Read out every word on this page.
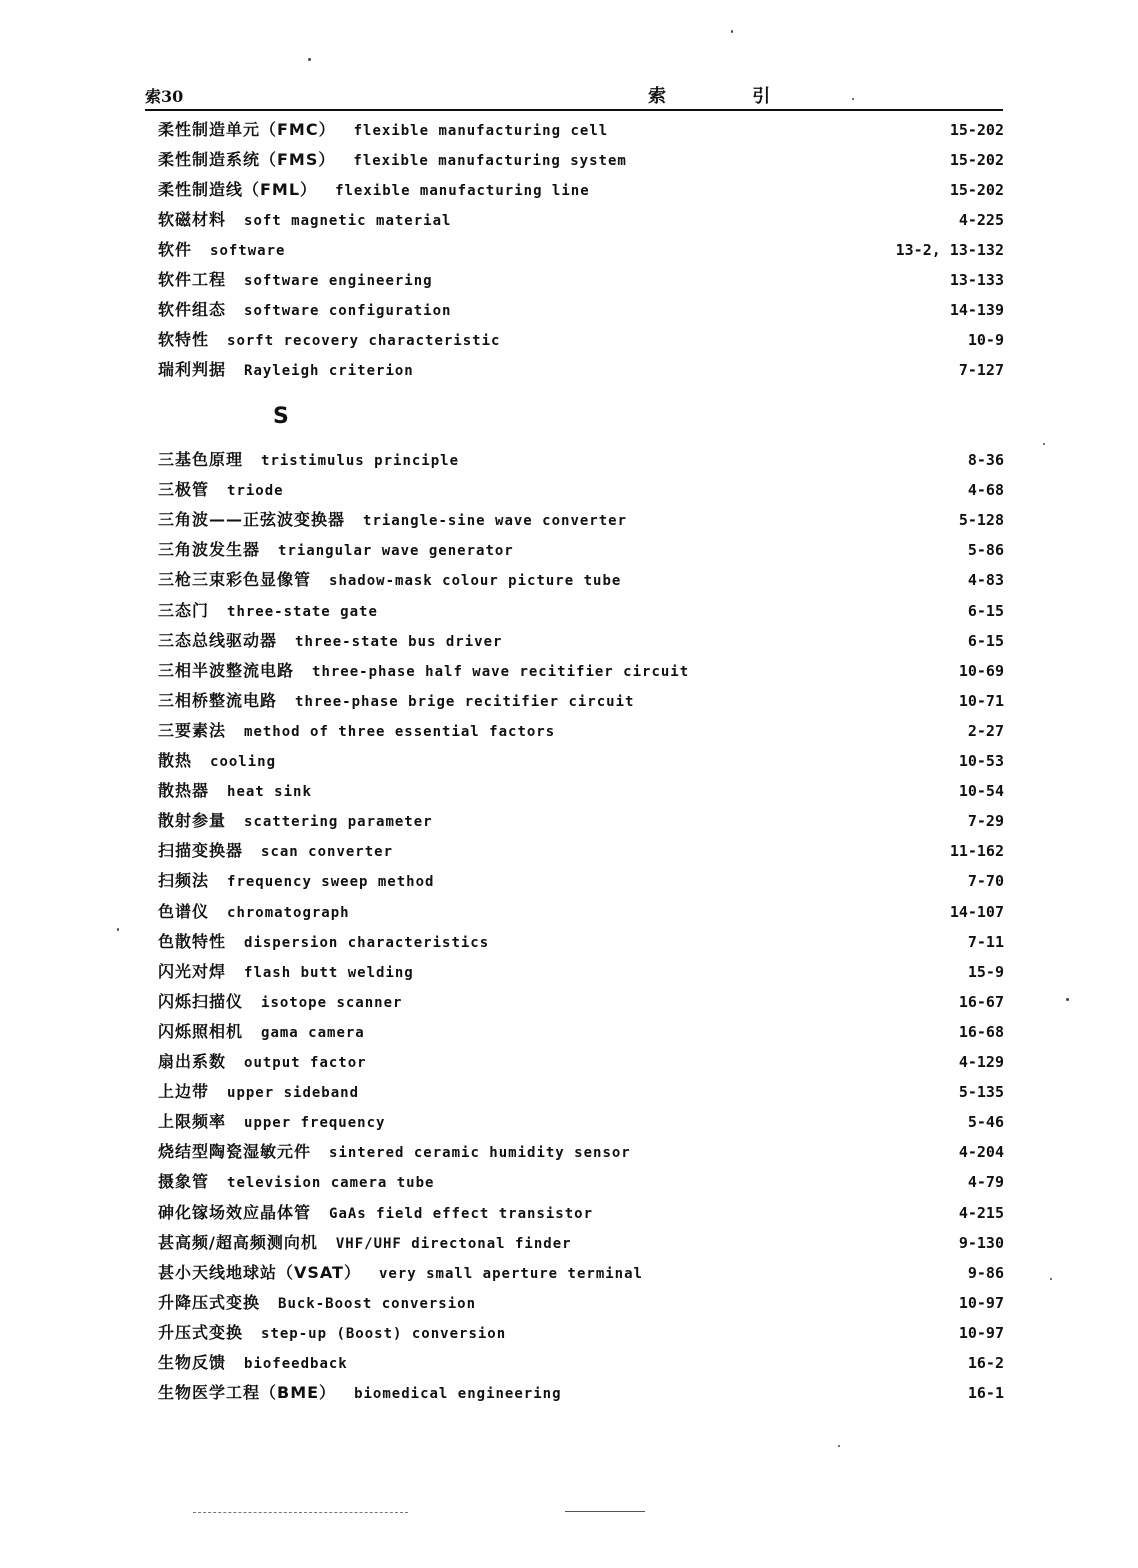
索30	索 引
S
柔性制造单元（FMC） flexible manufacturing cell	15-202
柔性制造系统（FMS） flexible manufacturing system	15-202
柔性制造线（FML） flexible manufacturing line	15-202
软磁材料 soft magnetic material	4-225
软件 software	13-2, 13-132
软件工程 software engineering	13-133
软件组态 software configuration	14-139
软特性 sorft recovery characteristic	10-9
瑞利判据 Rayleigh criterion	7-127
三基色原理 tristimulus principle	8-36
三极管 triode	4-68
三角波——正弦波变换器 triangle-sine wave converter	5-128
三角波发生器 triangular wave generator	5-86
三枪三束彩色显像管 shadow-mask colour picture tube	4-83
三态门 three-state gate	6-15
三态总线驱动器 three-state bus driver	6-15
三相半波整流电路 three-phase half wave recitifier circuit	10-69
三相桥整流电路 three-phase brige recitifier circuit	10-71
三要素法 method of three essential factors	2-27
散热 cooling	10-53
散热器 heat sink	10-54
散射参量 scattering parameter	7-29
扫描变换器 scan converter	11-162
扫频法 frequency sweep method	7-70
色谱仪 chromatograph	14-107
色散特性 dispersion characteristics	7-11
闪光对焊 flash butt welding	15-9
闪烁扫描仪 isotope scanner	16-67
闪烁照相机 gama camera	16-68
扇出系数 output factor	4-129
上边带 upper sideband	5-135
上限频率 upper frequency	5-46
烧结型陶瓷湿敏元件 sintered ceramic humidity sensor	4-204
摄象管 television camera tube	4-79
砷化镓场效应晶体管 GaAs field effect transistor	4-215
甚高频/超高频测向机 VHF/UHF directonal finder	9-130
甚小天线地球站（VSAT） very small aperture terminal	9-86
升降压式变换 Buck-Boost conversion	10-97
升压式变换 step-up (Boost) conversion	10-97
生物反馈 biofeedback	16-2
生物医学工程（BME） biomedical engineering	16-1
